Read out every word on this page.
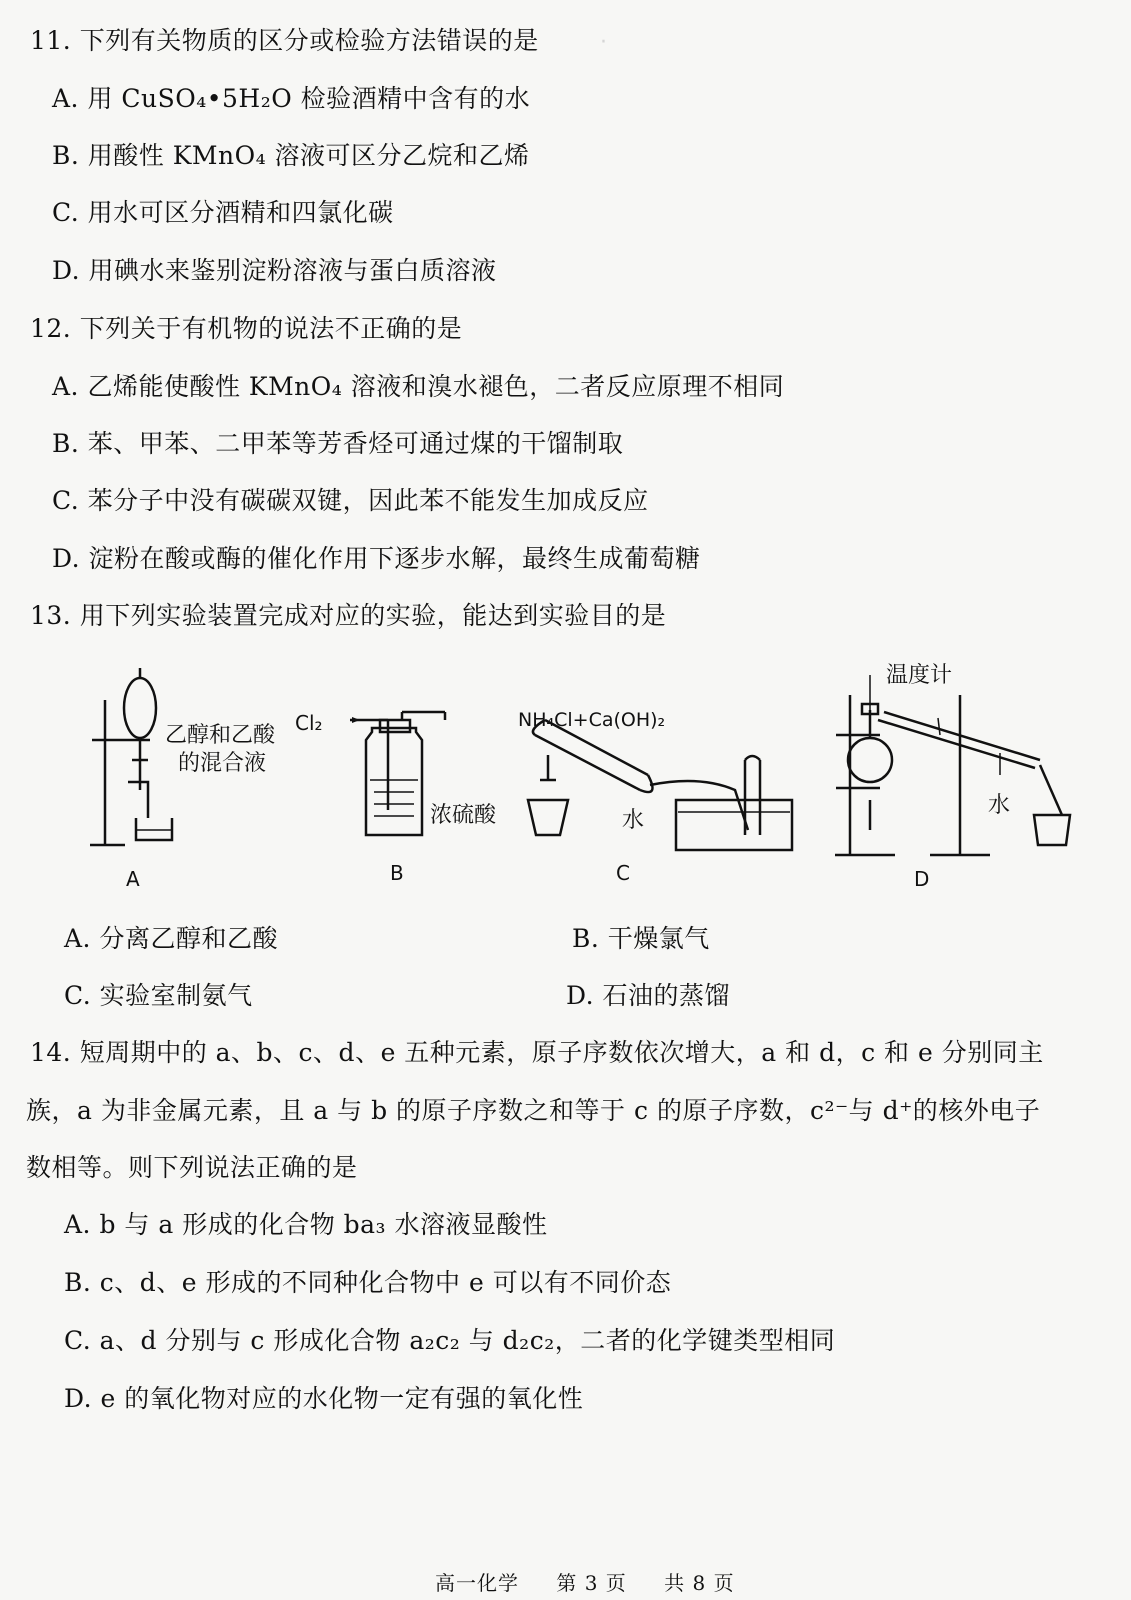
·
11. 下列有关物质的区分或检验方法错误的是
A. 用 CuSO₄•5H₂O 检验酒精中含有的水
B. 用酸性 KMnO₄ 溶液可区分乙烷和乙烯
C. 用水可区分酒精和四氯化碳
D. 用碘水来鉴别淀粉溶液与蛋白质溶液
12. 下列关于有机物的说法不正确的是
A. 乙烯能使酸性 KMnO₄ 溶液和溴水褪色，二者反应原理不相同
B. 苯、甲苯、二甲苯等芳香烃可通过煤的干馏制取
C. 苯分子中没有碳碳双键，因此苯不能发生加成反应
D. 淀粉在酸或酶的催化作用下逐步水解，最终生成葡萄糖
13. 用下列实验装置完成对应的实验，能达到实验目的是
乙醇和乙酸
的混合液
Cl₂
浓硫酸
NH₄Cl+Ca(OH)₂
水
温度计
水
A	B	C	D
A. 分离乙醇和乙酸	B. 干燥氯气
C. 实验室制氨气	D. 石油的蒸馏
14. 短周期中的 a、b、c、d、e 五种元素，原子序数依次增大，a 和 d，c 和 e 分别同主
族，a 为非金属元素，且 a 与 b 的原子序数之和等于 c 的原子序数，c²⁻与 d⁺的核外电子
数相等。则下列说法正确的是
A. b 与 a 形成的化合物 ba₃ 水溶液显酸性
B. c、d、e 形成的不同种化合物中 e 可以有不同价态
C. a、d 分别与 c 形成化合物 a₂c₂ 与 d₂c₂，二者的化学键类型相同
D. e 的氧化物对应的水化物一定有强的氧化性
高一化学 第 3 页 共 8 页
